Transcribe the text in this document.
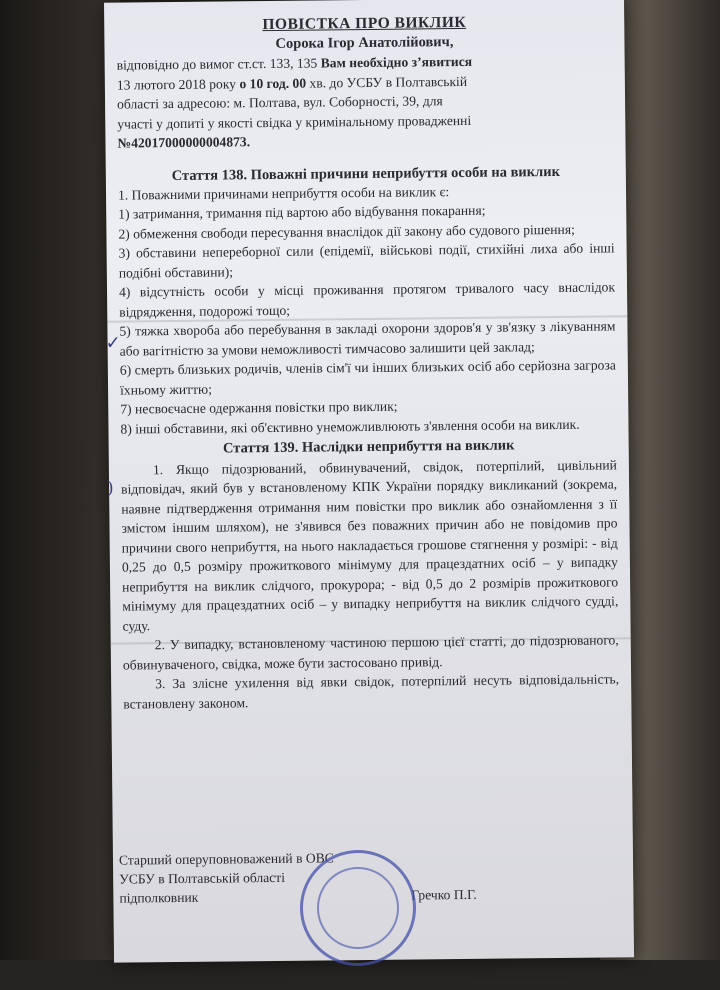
ПОВІСТКА ПРО ВИКЛИК
Сорока Ігор Анатолійович,

відповідно до вимог ст.ст. 133, 135 Вам необхідно з’явитися
13 лютого 2018 року о 10 год. 00 хв. до УСБУ в Полтавській
області за адресою: м. Полтава, вул. Соборності, 39, для
участі у допиті у якості свідка у кримінальному провадженні
№42017000000004873.

Стаття 138. Поважні причини неприбуття особи на виклик

1. Поважними причинами неприбуття особи на виклик є:

1) затримання, тримання під вартою або відбування покарання;

2) обмеження свободи пересування внаслідок дії закону або судового рішення;

3) обставини непереборної сили (епідемії, військові події, стихійні лиха або інші подібні обставини);

4) відсутність особи у місці проживання протягом тривалого часу внаслідок відрядження, подорожі тощо;

5) тяжка хвороба або перебування в закладі охорони здоров'я у зв'язку з лікуванням або вагітністю за умови неможливості тимчасово залишити цей заклад;

6) смерть близьких родичів, членів сім'ї чи інших близьких осіб або серйозна загроза їхньому життю;

7) несвоєчасне одержання повістки про виклик;

8) інші обставини, які об'єктивно унеможливлюють з'явлення особи на виклик.

Стаття 139. Наслідки неприбуття на виклик

1. Якщо підозрюваний, обвинувачений, свідок, потерпілий, цивільний відповідач, який був у встановленому КПК України порядку викликаний (зокрема, наявне підтвердження отримання ним повістки про виклик або ознайомлення з її змістом іншим шляхом), не з'явився без поважних причин або не повідомив про причини свого неприбуття, на нього накладається грошове стягнення у розмірі: - від 0,25 до 0,5 розміру прожиткового мінімуму для працездатних осіб – у випадку неприбуття на виклик слідчого, прокурора; - від 0,5 до 2 розмірів прожиткового мінімуму для працездатних осіб – у випадку неприбуття на виклик слідчого судді, суду.

2. У випадку, встановленому частиною першою цієї статті, до підозрюваного, обвинуваченого, свідка, може бути застосовано привід.

3. За злісне ухилення від явки свідок, потерпілий несуть відповідальність, встановлену законом.

✓
)
Старший оперуповноважений в ОВС
УСБУ в Полтавській області
підполковник	Гречко П.Г.
